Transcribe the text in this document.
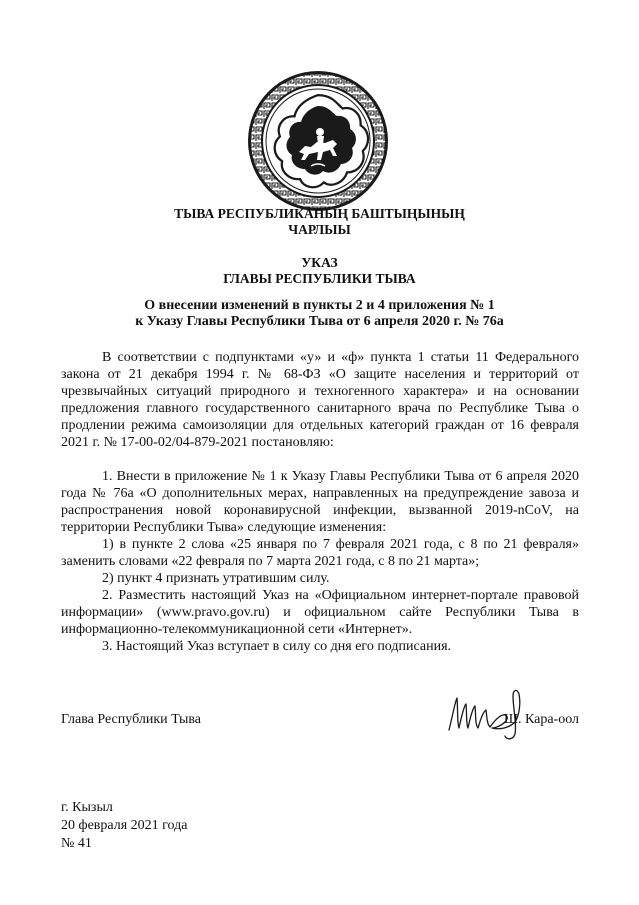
ТЫВА РЕСПУБЛИКАНЫҢ БАШТЫҢЫНЫҢ
ЧАРЛЫЫ
УКАЗ
ГЛАВЫ РЕСПУБЛИКИ ТЫВА
О внесении изменений в пункты 2 и 4 приложения № 1
к Указу Главы Республики Тыва от 6 апреля 2020 г. № 76а

В соответствии с подпунктами «у» и «ф» пункта 1 статьи 11 Федерального закона от 21 декабря 1994 г. № 68-ФЗ «О защите населения и территорий от чрезвычайных ситуаций природного и техногенного характера» и на основании предложения главного государственного санитарного врача по Республике Тыва о продлении режима самоизоляции для отдельных категорий граждан от 16 февраля 2021 г. № 17-00-02/04-879-2021 постановляю:

1. Внести в приложение № 1 к Указу Главы Республики Тыва от 6 апреля 2020 года № 76а «О дополнительных мерах, направленных на предупреждение завоза и распространения новой коронавирусной инфекции, вызванной 2019-nCoV, на территории Республики Тыва» следующие изменения:

1) в пункте 2 слова «25 января по 7 февраля 2021 года, с 8 по 21 февраля» заменить словами «22 февраля по 7 марта 2021 года, с 8 по 21 марта»;

2) пункт 4 признать утратившим силу.

2. Разместить настоящий Указ на «Официальном интернет-портале правовой информации» (www.pravo.gov.ru) и официальном сайте Республики Тыва в информационно-телекоммуникационной сети «Интернет».

3. Настоящий Указ вступает в силу со дня его подписания.

Глава Республики Тыва	Ш. Кара-оол
г. Кызыл
20 февраля 2021 года
№ 41
